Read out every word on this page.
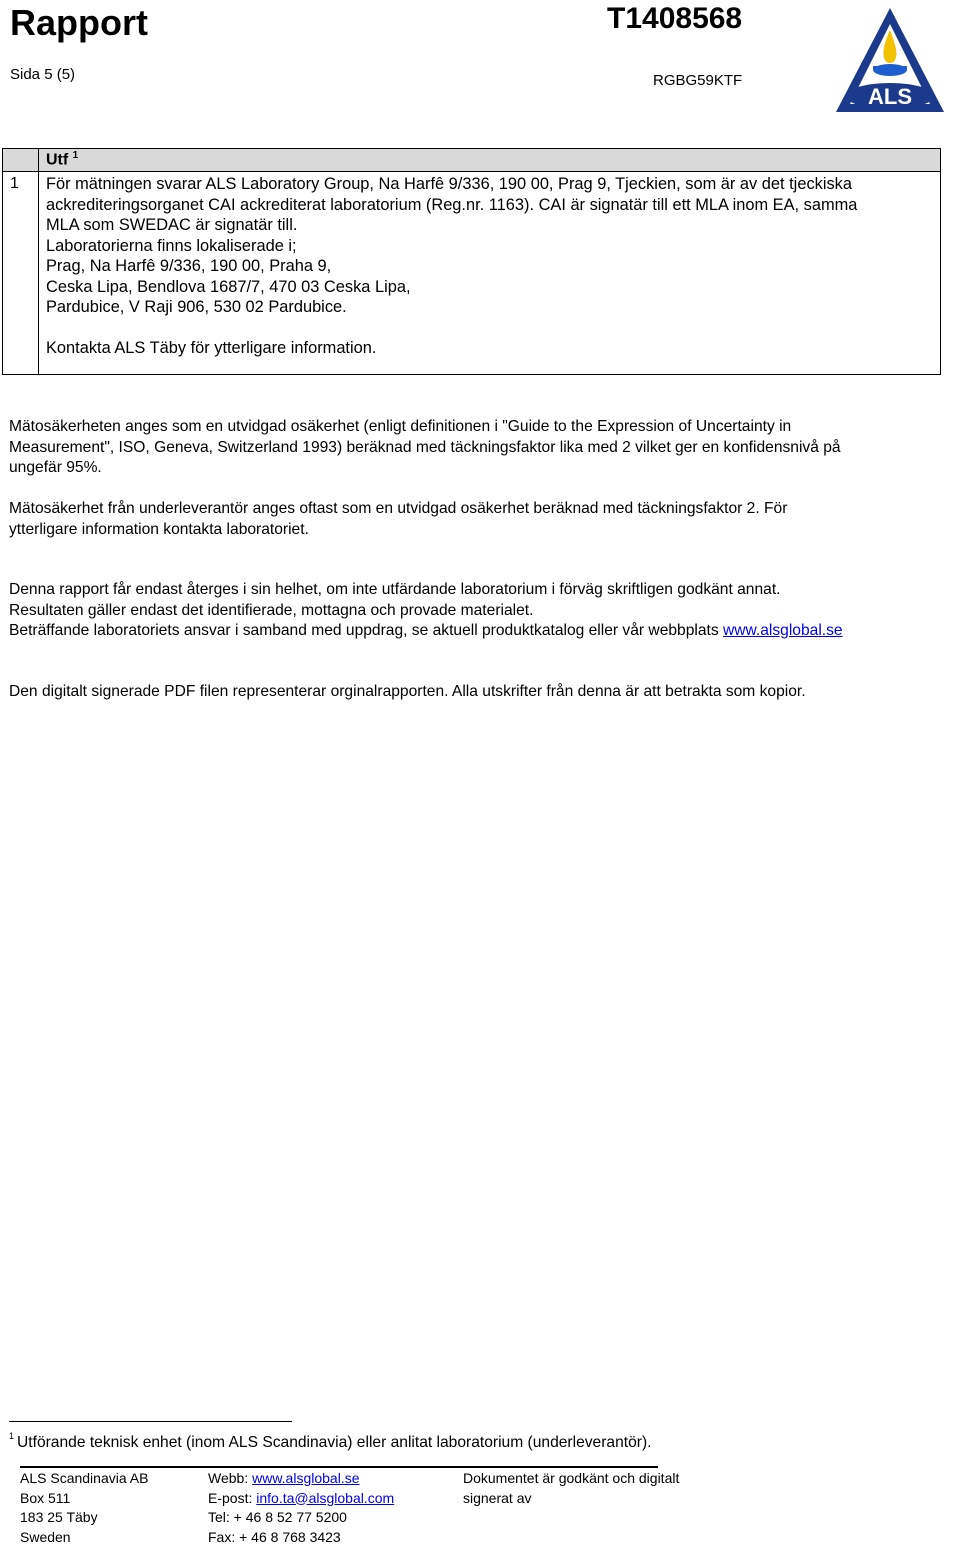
Rapport	T1408568
Sida 5 (5)	RGBG59KTF
ALS
Utf $^1$
1 För mätningen svarar ALS Laboratory Group, Na Harfê 9/336, 190 00, Prag 9, Tjeckien, som är av det tjeckiska
ackrediteringsorganet CAI ackrediterat laboratorium (Reg.nr. 1163). CAI är signatär till ett MLA inom EA, samma
MLA som SWEDAC är signatär till.
Laboratorierna finns lokaliserade i;
Prag, Na Harfê 9/336, 190 00, Praha 9,
Ceska Lipa, Bendlova 1687/7, 470 03 Ceska Lipa,
Pardubice, V Raji 906, 530 02 Pardubice.
Kontakta ALS Täby för ytterligare information.
Mätosäkerheten anges som en utvidgad osäkerhet (enligt definitionen i "Guide to the Expression of Uncertainty in
Measurement", ISO, Geneva, Switzerland 1993) beräknad med täckningsfaktor lika med 2 vilket ger en konfidensnivå på
ungefär 95%.
Mätosäkerhet från underleverantör anges oftast som en utvidgad osäkerhet beräknad med täckningsfaktor 2. För
ytterligare information kontakta laboratoriet.
Denna rapport får endast återges i sin helhet, om inte utfärdande laboratorium i förväg skriftligen godkänt annat.
Resultaten gäller endast det identifierade, mottagna och provade materialet.
Beträffande laboratoriets ansvar i samband med uppdrag, se aktuell produktkatalog eller vår webbplats www.alsglobal.se
Den digitalt signerade PDF filen representerar orginalrapporten. Alla utskrifter från denna är att betrakta som kopior.
$^1$ Utförande teknisk enhet (inom ALS Scandinavia) eller anlitat laboratorium (underleverantör).
ALS Scandinavia AB
Box 511
183 25 Täby
Sweden
Webb: www.alsglobal.se
E-post: info.ta@alsglobal.com
Tel: + 46 8 52 77 5200
Fax: + 46 8 768 3423
Dokumentet är godkänt och digitalt
signerat av
